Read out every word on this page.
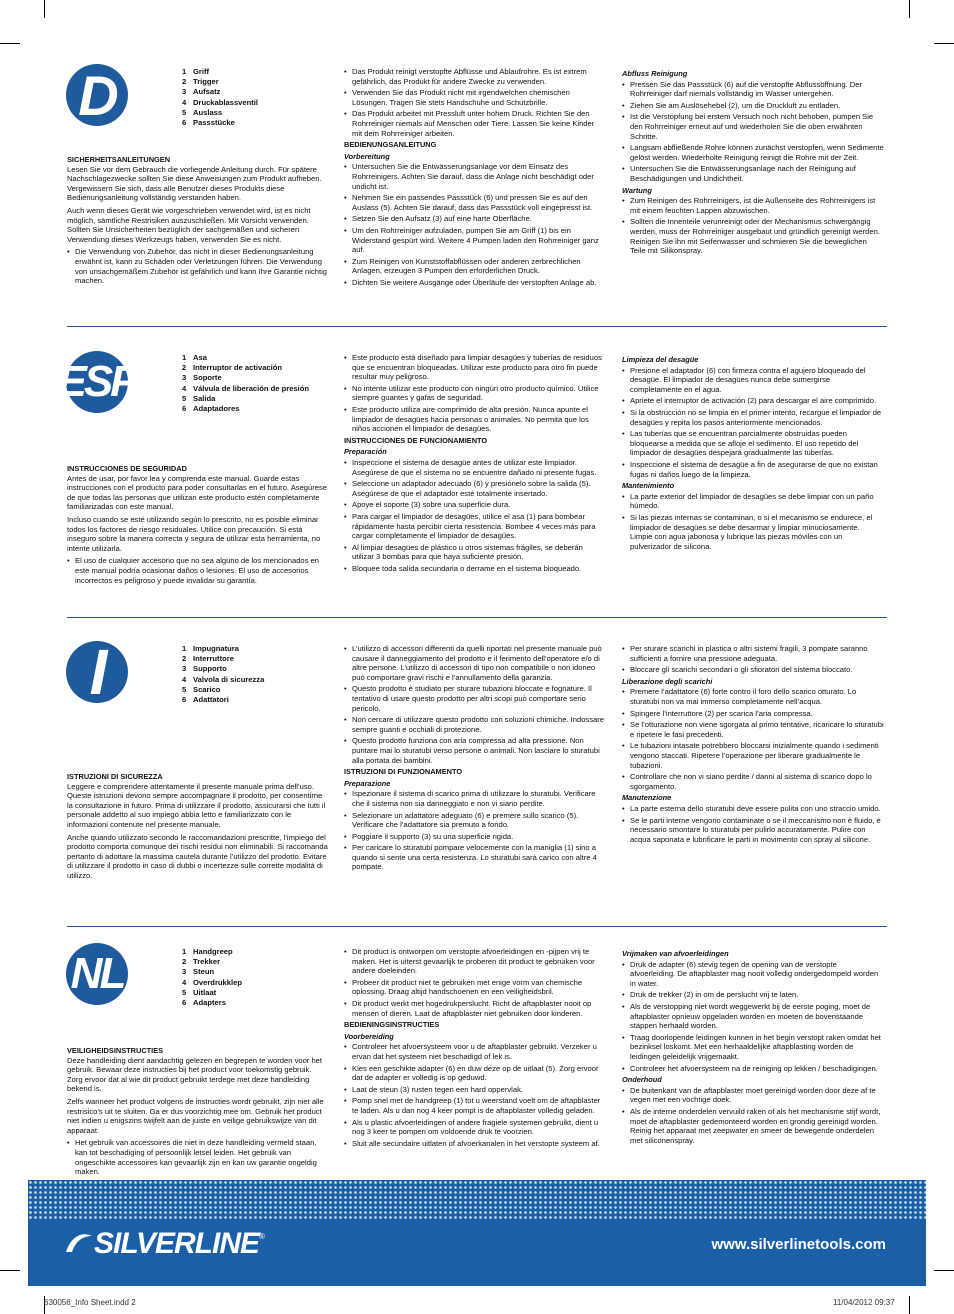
D	1 Griff
2 Trigger
3 Aufsatz
4 Druckablassventil
5 Auslass
6 Passstücke
SICHERHEITSANLEITUNGEN

Lesen Sie vor dem Gebrauch die vorliegende Anleitung durch. Für spätere Nachschlagezwecke sollten Sie diese Anweisungen zum Produkt aufheben. Vergewissern Sie sich, dass alle Benutzer dieses Produkts diese Bedienungsanleitung vollständig verstanden haben.

Auch wenn dieses Gerät wie vorgeschrieben verwendet wird, ist es nicht möglich, sämtliche Restrisiken auszuschließen. Mit Vorsicht verwenden. Sollten Sie Unsicherheiten bezüglich der sachgemäßen und sicheren Verwendung dieses Werkzeugs haben, verwenden Sie es nicht.

• Die Verwendung von Zubehör, das nicht in dieser Bedienungsanleitung erwähnt ist, kann zu Schäden oder Verletzungen führen. Die Verwendung von unsachgemäßem Zubehör ist gefährlich und kann Ihre Garantie nichtig machen.
• Das Produkt reinigt verstopfte Abflüsse und Ablaufrohre. Es ist extrem gefährlich, das Produkt für andere Zwecke zu verwenden.
• Verwenden Sie das Produkt nicht mit irgendwelchen chemischen Lösungen. Tragen Sie stets Handschuhe und Schutzbrille.
• Das Produkt arbeitet mit Pressluft unter hohem Druck. Richten Sie den Rohrreiniger niemals auf Menschen oder Tiere. Lassen Sie keine Kinder mit dem Rohrreiniger arbeiten.
BEDIENUNGSANLEITUNG
Vorbereitung
• Untersuchen Sie die Entwässerungsanlage vor dem Einsatz des Rohrreinigers. Achten Sie darauf, dass die Anlage nicht beschädigt oder undicht ist.
• Nehmen Sie ein passendes Passstück (6) und pressen Sie es auf den Auslass (5). Achten Sie darauf, dass das Passstück voll eingepresst ist.
• Setzen Sie den Aufsatz (3) auf eine harte Oberfläche.
• Um den Rohrreiniger aufzuladen, pumpen Sie am Griff (1) bis ein Widerstand gespürt wird. Weitere 4 Pumpen laden den Rohrreiniger ganz auf.
• Zum Reinigen von Kunststoffabflüssen oder anderen zerbrechlichen Anlagen, erzeugen 3 Pumpen den erforderlichen Druck.
• Dichten Sie weitere Ausgänge oder Überläufe der verstopften Anlage ab.
Abfluss Reinigung
• Pressen Sie das Passstück (6) auf die verstopfte Abflussöffnung. Der Rohrreiniger darf niemals vollständig im Wasser untergehen.
• Ziehen Sie am Auslösehebel (2), um die Druckluft zu entladen.
• Ist die Verstopfung bei erstem Versuch noch nicht behoben, pumpen Sie den Rohrreiniger erneut auf und wiederholen Sie die oben erwähnten Schritte.
• Langsam abfließende Rohre können zunächst verstopfen, wenn Sedimente gelöst werden. Wiederholte Reinigung reinigt die Rohre mit der Zeit.
• Untersuchen Sie die Entwässerungsanlage nach der Reinigung auf Beschädigungen und Undichtheit.
Wartung
• Zum Reinigen des Rohrreinigers, ist die Außenseite des Rohrreinigers ist mit einem feuchten Lappen abzuwischen.
• Sollten die Innenteile verunreinigt oder der Mechanismus schwergängig werden, muss der Rohrreiniger ausgebaut und gründlich gereinigt werden. Reinigen Sie ihn mit Seifenwasser und schmieren Sie die beweglichen Teile mit Silikonspray.
ESP	1 Asa
2 Interruptor de activación
3 Soporte
4 Válvula de liberación de presión
5 Salida
6 Adaptadores
INSTRUCCIONES DE SEGURIDAD

Antes de usar, por favor lea y comprenda este manual. Guarde estas instrucciones con el producto para poder consultarlas en el futuro. Asegúrese de que todas las personas que utilizan este producto estén completamente familiarizadas con este manual.

Incluso cuando se esté utilizando según lo prescrito, no es posible eliminar todos los factores de riesgo residuales. Utilice con precaución. Si está inseguro sobre la manera correcta y segura de utilizar esta herramienta, no intente utilizarla.

• El uso de cualquier accesorio que no sea alguno de los mencionados en este manual podría ocasionar daños o lesiones. El uso de accesorios incorrectos es peligroso y puede invalidar su garantía.
• Este producto está diseñado para limpiar desagües y tuberías de residuos que se encuentran bloqueadas. Utilizar este producto para otro fin puede resultar muy peligroso.
• No intente utilizar este producto con ningún otro producto químico. Utilice siempre guantes y gafas de seguridad.
• Este producto utiliza aire comprimido de alta presión. Nunca apunte el limpiador de desagües hacia personas o animales. No permita que los niños accionen el limpiador de desagües.
INSTRUCCIONES DE FUNCIONAMIENTO
Preparación
• Inspeccione el sistema de desagüe antes de utilizar este limpiador. Asegúrese de que el sistema no se encuentre dañado ni presente fugas.
• Seleccione un adaptador adecuado (6) y presiónelo sobre la salida (5). Asegúrese de que el adaptador esté totalmente insertado.
• Apoye el soporte (3) sobre una superficie dura.
• Para cargar el limpiador de desagües, utilice el asa (1) para bombear rápidamente hasta percibir cierta resistencia. Bombee 4 veces más para cargar completamente el limpiador de desagües.
• Al limpiar desagües de plástico u otros sistemas frágiles, se deberán utilizar 3 bombas para que haya suficiente presión.
• Bloquee toda salida secundaria o derrame en el sistema bloqueado.
Limpieza del desagüe
• Presione el adaptador (6) con firmeza contra el agujero bloqueado del desagüe. El limpiador de desagües nunca debe sumergirse completamente en el agua.
• Apriete el interruptor de activación (2) para descargar el aire comprimido.
• Si la obstrucción no se limpia en el primer intento, recargue el limpiador de desagües y repita los pasos anteriormente mencionados.
• Las tuberías que se encuentran parcialmente obstruidas pueden bloquearse a medida que se afloje el sedimento. El uso repetido del limpiador de desagües despejará gradualmente las tuberías.
• Inspeccione el sistema de desagüe a fin de asegurarse de que no existan fugas ni daños luego de la limpieza.
Mantenimiento
• La parte exterior del limpiador de desagües se debe limpiar con un paño húmedo.
• Si las piezas internas se contaminan, o si el mecanismo se endurece, el limpiador de desagües se debe desarmar y limpiar minuciosamente. Limpie con agua jabonosa y lubrique las piezas móviles con un pulverizador de silicona.
I	1 Impugnatura
2 Interruttore
3 Supporto
4 Valvola di sicurezza
5 Scarico
6 Adattatori
ISTRUZIONI DI SICUREZZA

Leggere e comprendere attentamente il presente manuale prima dell’uso. Queste istruzioni devono sempre accompagnare il prodotto, per consentirne la consultazione in futuro. Prima di utilizzare il prodotto, assicurarsi che tutti il personale addetto al suo impiego abbia letto e familiarizzato con le informazioni contenute nel presente manuale.

Anche quando utilizzato secondo le raccomandazioni prescritte, l’impiego del prodotto comporta comunque dei rischi residui non eliminabili. Si raccomanda pertanto di adottare la massima cautela durante l’utilizzo del prodotto. Evitare di utilizzare il prodotto in caso di dubbi o incertezze sulle corrette modalità di utilizzo.

• L’utilizzo di accessori differenti da quelli riportati nel presente manuale può causare il danneggiamento del prodotto e il ferimento dell’operatore e/o di altre persone. L’utilizzo di accessori di tipo non compatibile o non idoneo può comportare gravi rischi e l’annullamento della garanzia.
• Questo prodotto è studiato per sturare tubazioni bloccate e fognature. Il tentativo di usare questo prodotto per altri scopi può comportare serio pericolo.
• Non cercare di utilizzare questo prodotto con soluzioni chimiche. Indossare sempre guanti e occhiali di protezione.
• Questo prodotto funziona con aria compressa ad alta pressione. Non puntare mai lo sturatubi verso persone o animali. Non lasciare lo sturatubi alla portata dei bambini.
ISTRUZIONI DI FUNZIONAMENTO
Preparazione
• Ispezionare il sistema di scarico prima di utilizzare lo sturatubi. Verificare che il sistema non sia danneggiato e non vi siano perdite.
• Selezionare un adattatore adeguato (6) e premere sullo scarico (5). Verificare che l’adattatore sia premuto a fondo.
• Poggiare il supporto (3) su una superficie rigida.
• Per caricare lo sturatubi pompare velocemente con la maniglia (1) sino a quando si sente una certa resistenza. Lo sturatubi sarà carico con altre 4 pompate.
• Per sturare scarichi in plastica o altri sistemi fragili, 3 pompate saranno sufficienti a fornire una pressione adeguata.
• Bloccare gli scarichi secondari o gli sfioratori del sistema bloccato.
Liberazione degli scarichi
• Premere l’adattatore (6) forte contro il foro dello scarico otturato. Lo sturatubi non va mai immerso completamente nell’acqua.
• Spingere l’interruttore (2) per scarica l’aria compressa.
• Se l’otturazione non viene sgorgata al primo tentative, ricaricare lo sturatubi e ripetere le fasi precedenti.
• Le tubazioni intasate potrebbero bloccarsi inizialmente quando i sedimenti vengono staccati. Ripetere l’operazione per liberare gradualmente le tubazioni.
• Controllare che non vi siano perdite / danni al sistema di scarico dopo lo sgorgamento.
Manutenzione
• La parte esterna dello sturatubi deve essere pulita con uno straccio umido.
• Se le parti interne vengono contaminate o se il meccanismo non è fluido, è necessario smontare lo sturatubi per pulirlo accuratamente. Pulire con acqua saponata e lubrificare le parti in movimento con spray al silicone.
NL	1 Handgreep
2 Trekker
3 Steun
4 Overdrukklep
5 Uitlaat
6 Adapters
VEILIGHEIDSINSTRUCTIES

Deze handleiding dient aandachtig gelezen en begrepen te worden voor het gebruik. Bewaar deze instructies bij het product voor toekomstig gebruik. Zorg ervoor dat al wie dit product gebruikt terdege met deze handleiding bekend is.

Zelfs wanneer het product volgens de instructies wordt gebruikt, zijn niet alle restrisico’s uit te sluiten. Ga er dus voorzichtig mee om. Gebruik het product niet indien u enigszins twijfelt aan de juiste en veilige gebruikswijze van dit apparaat.

• Het gebruik van accessoires die niet in deze handleiding vermeld staan, kan tot beschadiging of persoonlijk letsel leiden. Het gebruik van ongeschikte accessoires kan gevaarlijk zijn en kan uw garantie ongeldig maken.
• Dit product is ontworpen om verstopte afvoerleidingen en -pijpen vrij te maken. Het is uiterst gevaarlijk te proberen dit product te gebruiken voor andere doeleinden.
• Probeer dit product niet te gebruiken met enige vorm van chemische oplossing. Draag altijd handschoenen en een veiligheidsbril.
• Dit product werkt met hogedrukperslucht. Richt de aftapblaster nooit op mensen of dieren. Laat de aftapblaster niet gebruiken door kinderen.
BEDIENINGSINSTRUCTIES
Voorbereiding
• Controleer het afvoersysteem voor u de aftapblaster gebruikt. Verzeker u ervan dat het systeem niet beschadigd of lek is.
• Kies een geschikte adapter (6) en duw deze op de uitlaat (5). Zorg ervoor dat de adapter er volledig is op geduwd.
• Laat de steun (3) rusten tegen een hard oppervlak.
• Pomp snel met de handgreep (1) tot u weerstand voelt om de aftapblaster te laden. Als u dan nog 4 keer pompt is de aftapblaster volledig geladen.
• Als u plastic afvoerleidingen of andere fragiele systemen gebruikt, dient u nog 3 keer te pompen om voldoende druk te voorzien.
• Sluit alle secundaire uitlaten of afvoerkanalen in het verstopte systeem af.
Vrijmaken van afvoerleidingen
• Druk de adapter (6) stevig tegen de opening van de verstopte afvoerleiding. De aftapblaster mag nooit volledig ondergedompeld worden in water.
• Druk de trekker (2) in om de perslucht vrij te laten.
• Als de verstopping niet wordt weggewerkt bij de eerste poging, moet de aftapblaster opnieuw opgeladen worden en moeten de bovenstaande stappen herhaald worden.
• Traag doorlopende leidingen kunnen in het begin verstopt raken omdat het bezinksel loskomt. Met een herhaaldelijke aftapblasting worden de leidingen geleidelijk vrijgemaakt.
• Controleer het afvoersysteem na de reiniging op lekken / beschadigingen.
Onderhoud
• De buitenkant van de aftapblaster moet gereinigd worden door deze af te vegen met een vochtige doek.
• Als de interne onderdelen vervuild raken of als het mechanisme stijf wordt, moet de aftapblaster gedemonteerd worden en grondig gereinigd worden. Reinig het apparaat met zeepwater en smeer de bewegende onderdelen met siliconenspray.
SILVERLINE ®	www.silverlinetools.com
630056_Info Sheet.indd 2	11/04/2012 09:37
